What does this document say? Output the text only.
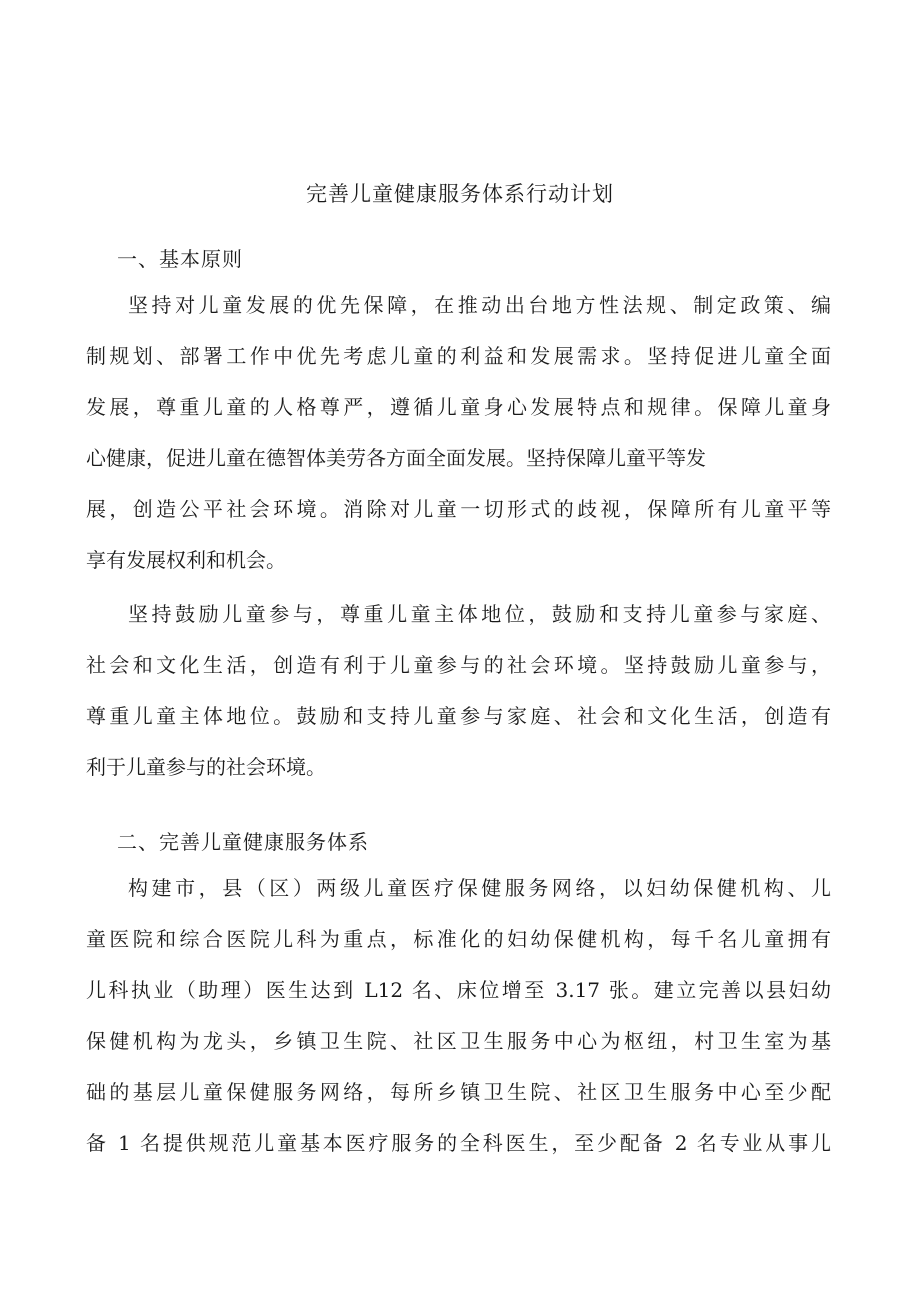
完善儿童健康服务体系行动计划
一、基本原则
坚持对儿童发展的优先保障，在推动出台地方性法规、制定政策、编
制规划、部署工作中优先考虑儿童的利益和发展需求。坚持促进儿童全面
发展，尊重儿童的人格尊严，遵循儿童身心发展特点和规律。保障儿童身
心健康，促进儿童在德智体美劳各方面全面发展。坚持保障儿童平等发
展，创造公平社会环境。消除对儿童一切形式的歧视，保障所有儿童平等
享有发展权利和机会。
坚持鼓励儿童参与，尊重儿童主体地位，鼓励和支持儿童参与家庭、
社会和文化生活，创造有利于儿童参与的社会环境。坚持鼓励儿童参与，
尊重儿童主体地位。鼓励和支持儿童参与家庭、社会和文化生活，创造有
利于儿童参与的社会环境。
二、完善儿童健康服务体系
构建市，县（区）两级儿童医疗保健服务网络，以妇幼保健机构、儿
童医院和综合医院儿科为重点，标准化的妇幼保健机构，每千名儿童拥有
儿科执业（助理）医生达到 L12 名、床位增至 3.17 张。建立完善以县妇幼
保健机构为龙头，乡镇卫生院、社区卫生服务中心为枢纽，村卫生室为基
础的基层儿童保健服务网络，每所乡镇卫生院、社区卫生服务中心至少配
备 1 名提供规范儿童基本医疗服务的全科医生，至少配备 2 名专业从事儿
